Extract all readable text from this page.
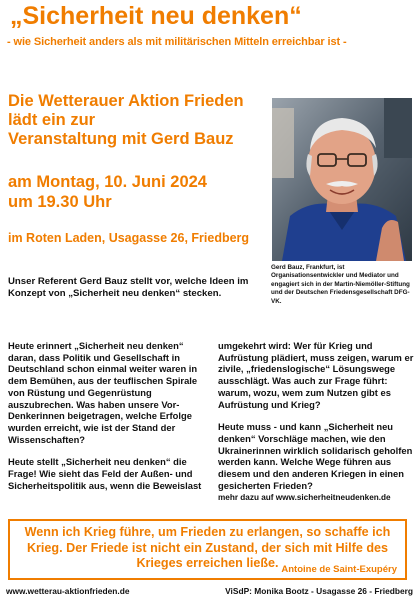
„Sicherheit neu denken“
- wie Sicherheit anders als mit militärischen Mitteln erreichbar ist -
Die Wetterauer Aktion Frieden
lädt ein zur
Veranstaltung mit Gerd Bauz
am Montag, 10. Juni 2024
um 19.30 Uhr
im Roten Laden, Usagasse 26, Friedberg
Gerd Bauz, Frankfurt, ist Organisationsentwickler und Mediator und engagiert sich in der Martin-Niemöller-Stiftung und der Deutschen Friedensgesellschaft DFG-VK.
Unser Referent Gerd Bauz stellt vor, welche Ideen im Konzept von „Sicherheit neu denken“ stecken.

Heute erinnert „Sicherheit neu denken“ daran, dass Politik und Gesellschaft in Deutschland schon einmal weiter waren in dem Bemühen, aus der teuflischen Spirale von Rüstung und Gegenrüstung auszubrechen. Was haben unsere Vor-Denkerinnen beigetragen, welche Erfolge wurden erreicht, wie ist der Stand der Wissenschaften?

Heute stellt „Sicherheit neu denken“ die Frage! Wie sieht das Feld der Außen- und Sicherheitspolitik aus, wenn die Beweislast

umgekehrt wird: Wer für Krieg und Aufrüstung plädiert, muss zeigen, warum er zivile, „friedenslogische“ Lösungswege ausschlägt. Was auch zur Frage führt: warum, wozu, wem zum Nutzen gibt es Aufrüstung und Krieg?

Heute muss - und kann „Sicherheit neu denken“ Vorschläge machen, wie den Ukrainerinnen wirklich solidarisch geholfen werden kann. Welche Wege führen aus diesem und den anderen Kriegen in einen gesicherten Frieden?

mehr dazu auf www.sicherheitneudenken.de
Wenn ich Krieg führe, um Frieden zu erlangen, so schaffe ich Krieg. Der Friede ist nicht ein Zustand, der sich mit Hilfe des Krieges erreichen ließe. Antoine de Saint-Exupéry
www.wetterau-aktionfrieden.de	ViSdP: Monika Bootz - Usagasse 26 - Friedberg
